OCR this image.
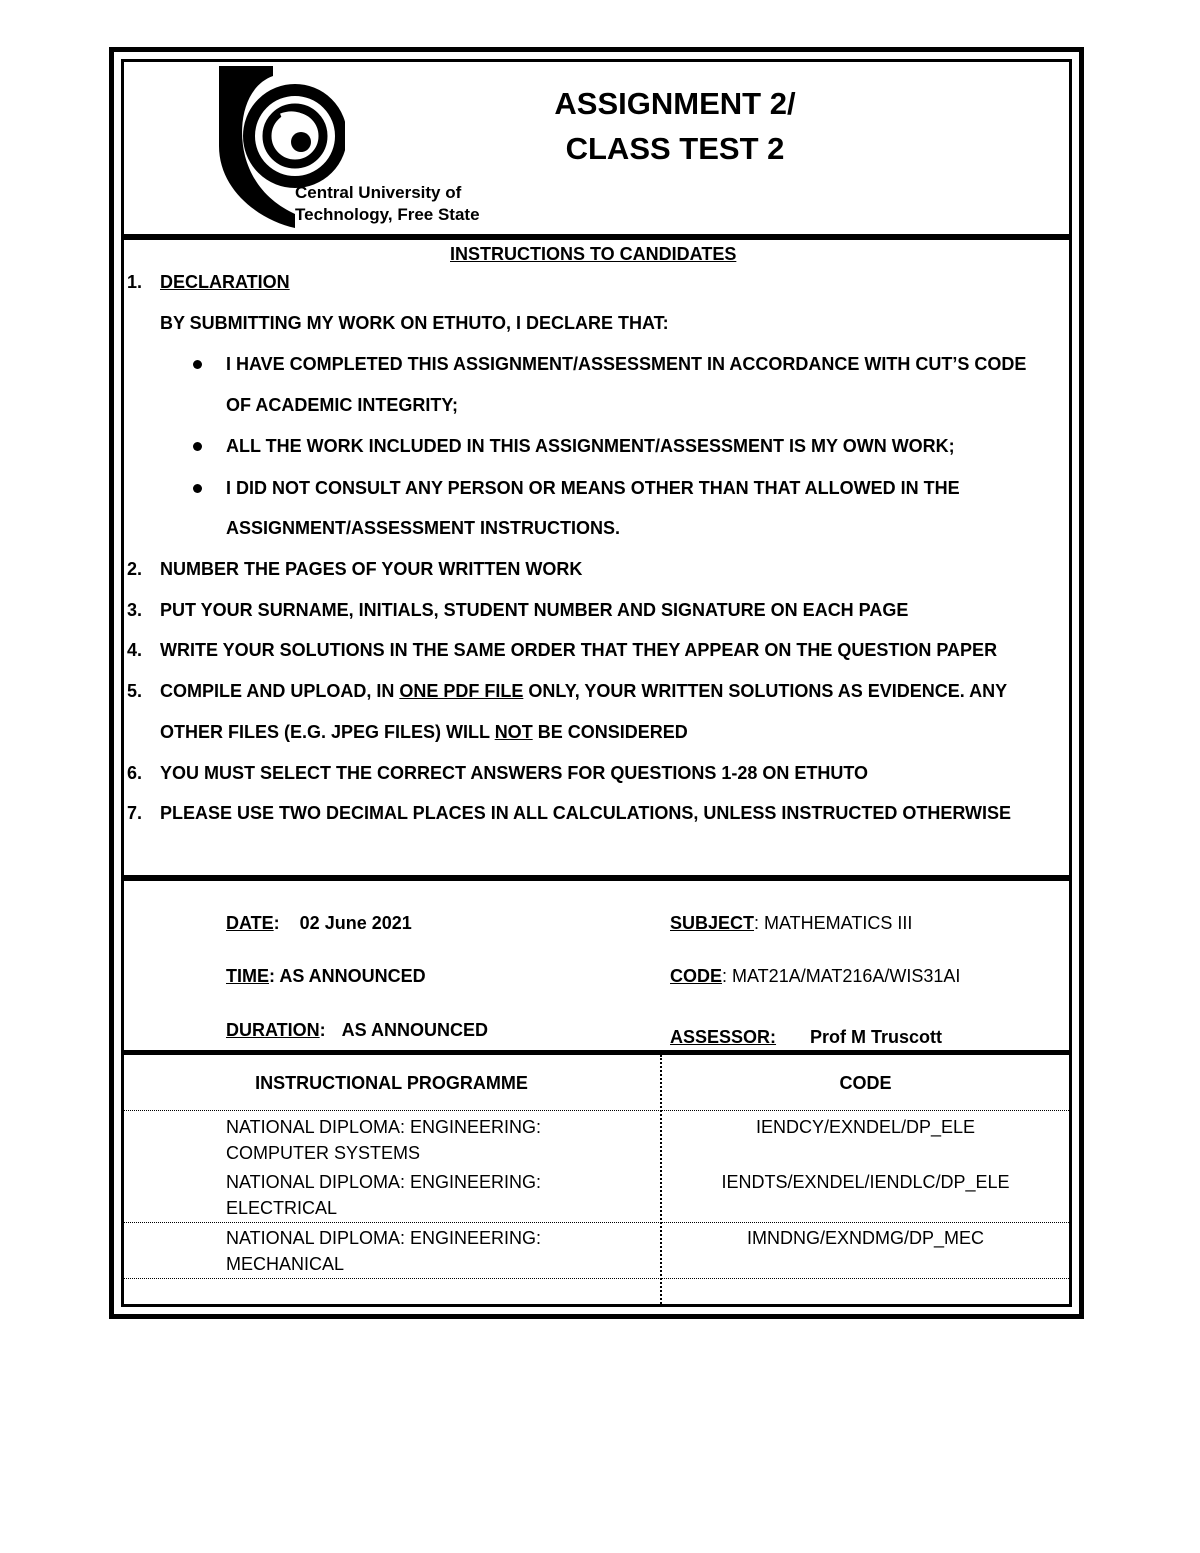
Central University of
Technology, Free State
ASSIGNMENT 2/
CLASS TEST 2
INSTRUCTIONS TO CANDIDATES
1. DECLARATION
BY SUBMITTING MY WORK ON ETHUTO, I DECLARE THAT:
I HAVE COMPLETED THIS ASSIGNMENT/ASSESSMENT IN ACCORDANCE WITH CUT’S CODE
OF ACADEMIC INTEGRITY;
ALL THE WORK INCLUDED IN THIS ASSIGNMENT/ASSESSMENT IS MY OWN WORK;
I DID NOT CONSULT ANY PERSON OR MEANS OTHER THAN THAT ALLOWED IN THE
ASSIGNMENT/ASSESSMENT INSTRUCTIONS.
2. NUMBER THE PAGES OF YOUR WRITTEN WORK
3. PUT YOUR SURNAME, INITIALS, STUDENT NUMBER AND SIGNATURE ON EACH PAGE
4. WRITE YOUR SOLUTIONS IN THE SAME ORDER THAT THEY APPEAR ON THE QUESTION PAPER
5. COMPILE AND UPLOAD, IN ONE PDF FILE ONLY, YOUR WRITTEN SOLUTIONS AS EVIDENCE. ANY
OTHER FILES (E.G. JPEG FILES) WILL NOT BE CONSIDERED
6. YOU MUST SELECT THE CORRECT ANSWERS FOR QUESTIONS 1-28 ON ETHUTO
7. PLEASE USE TWO DECIMAL PLACES IN ALL CALCULATIONS, UNLESS INSTRUCTED OTHERWISE
DATE: 02 June 2021
TIME: AS ANNOUNCED
DURATION: AS ANNOUNCED
SUBJECT: MATHEMATICS III
CODE: MAT21A/MAT216A/WIS31AI
ASSESSOR: Prof M Truscott
INSTRUCTIONAL PROGRAMME	CODE
NATIONAL DIPLOMA: ENGINEERING:
COMPUTER SYSTEMS
IENDCY/EXNDEL/DP_ELE
NATIONAL DIPLOMA: ENGINEERING:
ELECTRICAL
IENDTS/EXNDEL/IENDLC/DP_ELE
NATIONAL DIPLOMA: ENGINEERING:
MECHANICAL
IMNDNG/EXNDMG/DP_MEC
